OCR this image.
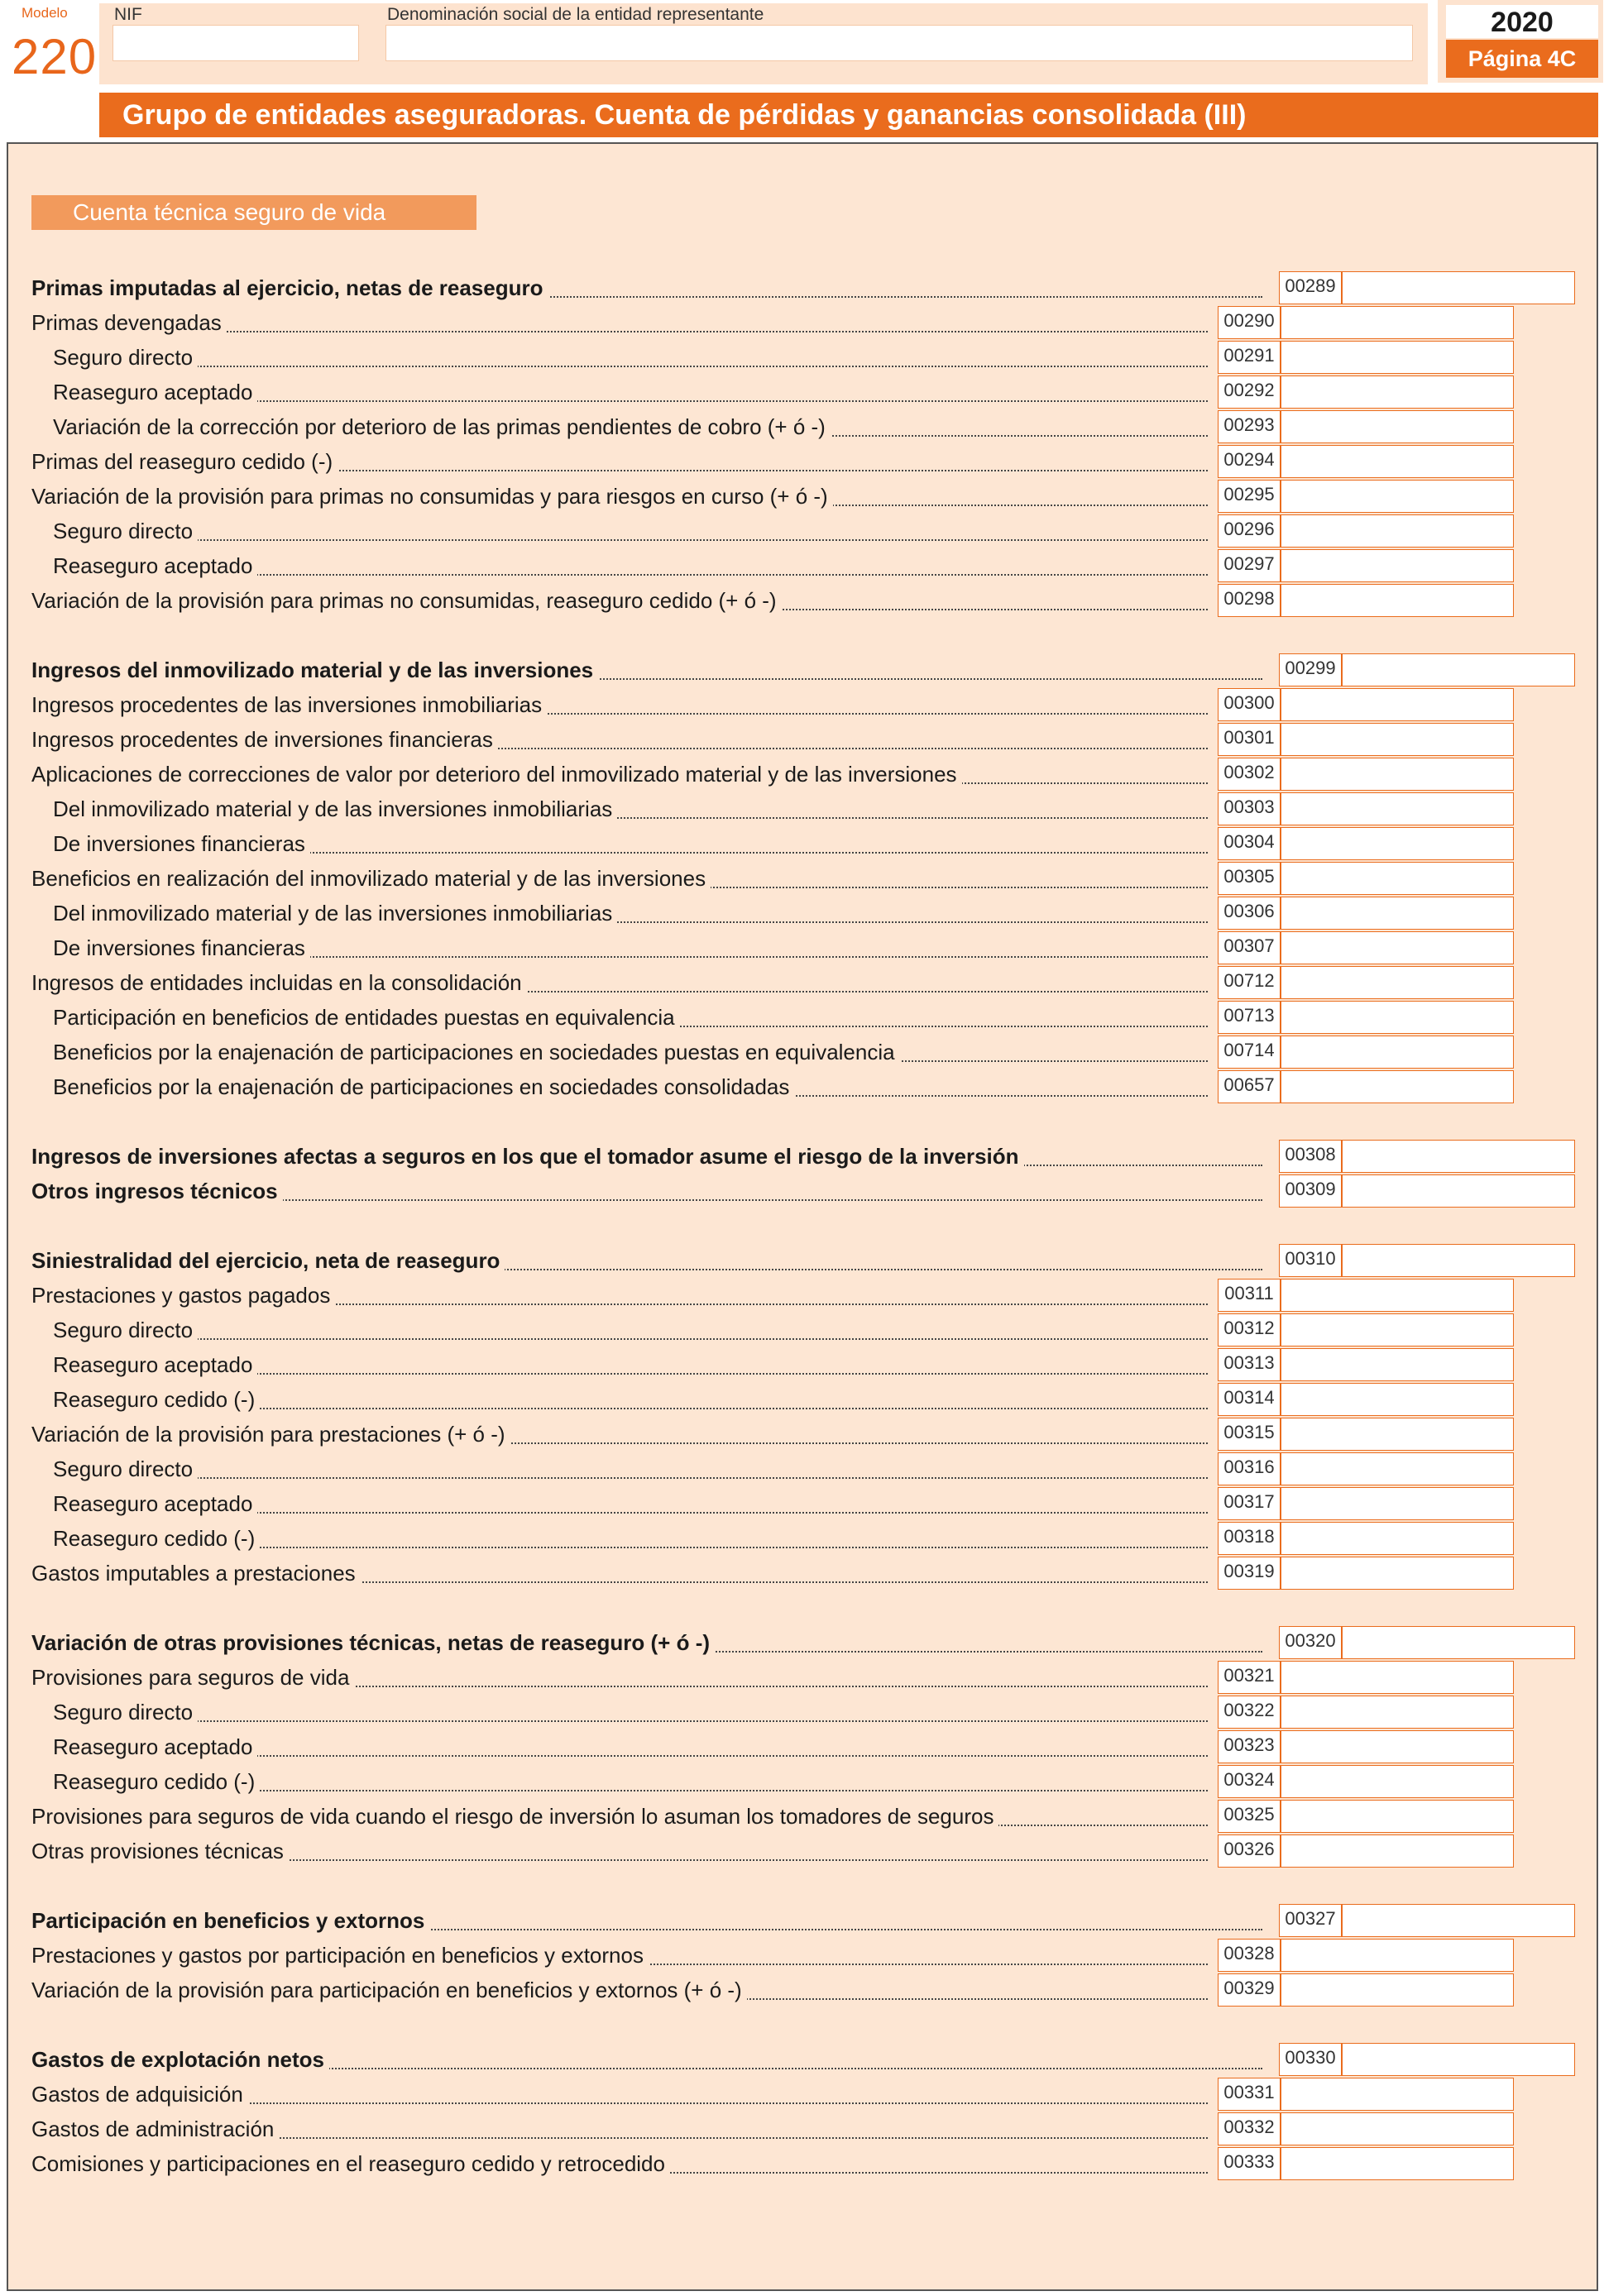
Modelo
220
NIF	Denominación social de la entidad representante	2020
Página 4C
Grupo de entidades aseguradoras. Cuenta de pérdidas y ganancias consolidada (III)
Cuenta técnica seguro de vida
Primas imputadas al ejercicio, netas de reaseguro	00289
Primas devengadas	00290
Seguro directo	00291
Reaseguro aceptado	00292
Variación de la corrección por deterioro de las primas pendientes de cobro (+ ó -)	00293
Primas del reaseguro cedido (-)	00294
Variación de la provisión para primas no consumidas y para riesgos en curso (+ ó -)	00295
Seguro directo	00296
Reaseguro aceptado	00297
Variación de la provisión para primas no consumidas, reaseguro cedido (+ ó -)	00298
Ingresos del inmovilizado material y de las inversiones	00299
Ingresos procedentes de las inversiones inmobiliarias	00300
Ingresos procedentes de inversiones financieras	00301
Aplicaciones de correcciones de valor por deterioro del inmovilizado material y de las inversiones	00302
Del inmovilizado material y de las inversiones inmobiliarias	00303
De inversiones financieras	00304
Beneficios en realización del inmovilizado material y de las inversiones	00305
Del inmovilizado material y de las inversiones inmobiliarias	00306
De inversiones financieras	00307
Ingresos de entidades incluidas en la consolidación	00712
Participación en beneficios de entidades puestas en equivalencia	00713
Beneficios por la enajenación de participaciones en sociedades puestas en equivalencia	00714
Beneficios por la enajenación de participaciones en sociedades consolidadas	00657
Ingresos de inversiones afectas a seguros en los que el tomador asume el riesgo de la inversión	00308
Otros ingresos técnicos	00309
Siniestralidad del ejercicio, neta de reaseguro	00310
Prestaciones y gastos pagados	00311
Seguro directo	00312
Reaseguro aceptado	00313
Reaseguro cedido (-)	00314
Variación de la provisión para prestaciones (+ ó -)	00315
Seguro directo	00316
Reaseguro aceptado	00317
Reaseguro cedido (-)	00318
Gastos imputables a prestaciones	00319
Variación de otras provisiones técnicas, netas de reaseguro (+ ó -)	00320
Provisiones para seguros de vida	00321
Seguro directo	00322
Reaseguro aceptado	00323
Reaseguro cedido (-)	00324
Provisiones para seguros de vida cuando el riesgo de inversión lo asuman los tomadores de seguros	00325
Otras provisiones técnicas	00326
Participación en beneficios y extornos	00327
Prestaciones y gastos por participación en beneficios y extornos	00328
Variación de la provisión para participación en beneficios y extornos (+ ó -)	00329
Gastos de explotación netos	00330
Gastos de adquisición	00331
Gastos de administración	00332
Comisiones y participaciones en el reaseguro cedido y retrocedido	00333
